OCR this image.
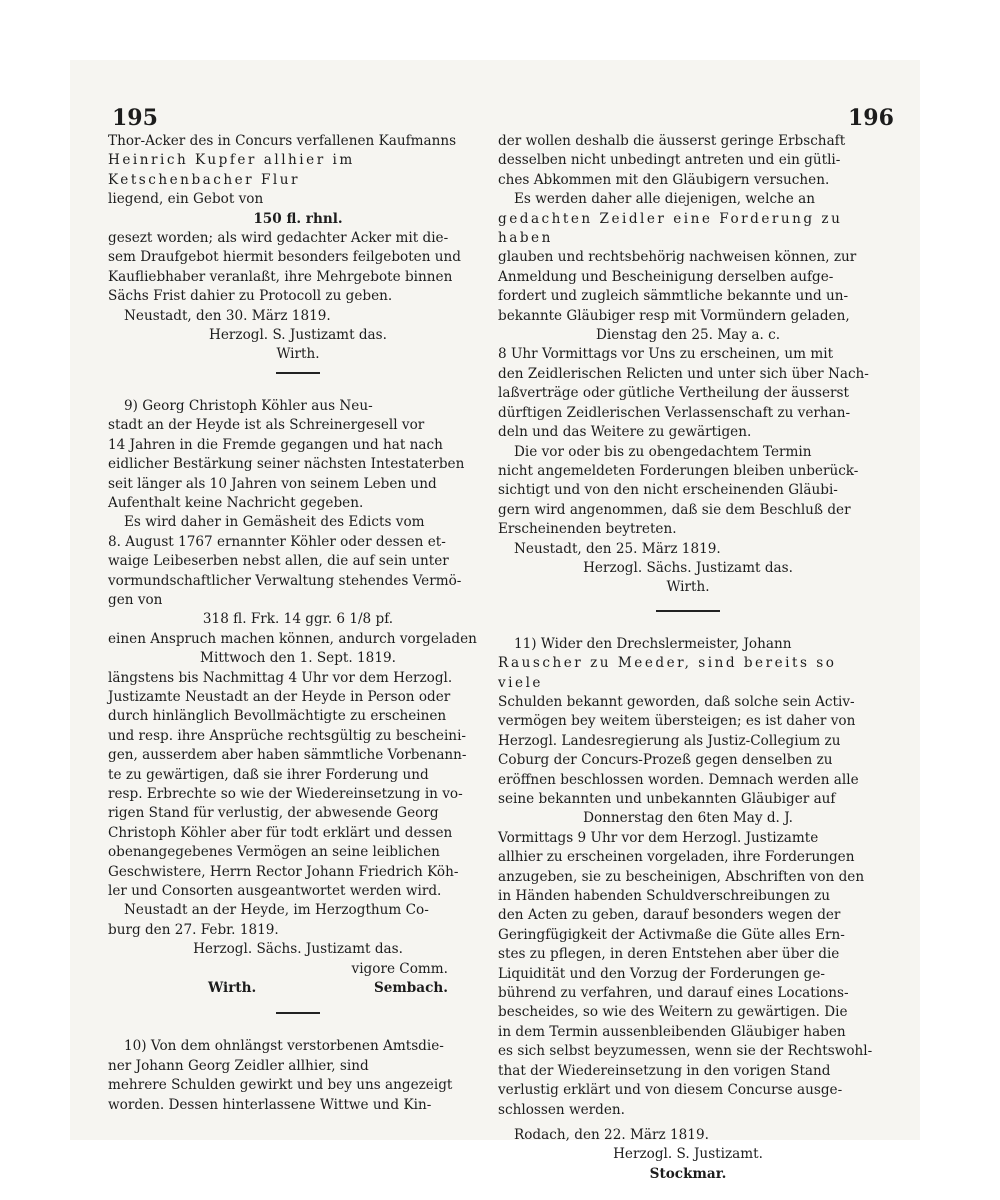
195	196

Thor-Acker des in Concurs verfallenen Kaufmanns

Heinrich Kupfer allhier im Ketschenbacher Flur

liegend, ein Gebot von

150 fl. rhnl.

gesezt worden; als wird gedachter Acker mit die-

sem Draufgebot hiermit besonders feilgeboten und

Kaufliebhaber veranlaßt, ihre Mehrgebote binnen

Sächs Frist dahier zu Protocoll zu geben.

Neustadt, den 30. März 1819.

Herzogl. S. Justizamt das.

Wirth.

9) Georg Christoph Köhler aus Neu-

stadt an der Heyde ist als Schreinergesell vor

14 Jahren in die Fremde gegangen und hat nach

eidlicher Bestärkung seiner nächsten Intestaterben

seit länger als 10 Jahren von seinem Leben und

Aufenthalt keine Nachricht gegeben.

Es wird daher in Gemäsheit des Edicts vom

8. August 1767 ernannter Köhler oder dessen et-

waige Leibeserben nebst allen, die auf sein unter

vormundschaftlicher Verwaltung stehendes Vermö-

gen von

318 fl. Frk. 14 ggr. 6 1/8 pf.

einen Anspruch machen können, andurch vorgeladen

Mittwoch den 1. Sept. 1819.

längstens bis Nachmittag 4 Uhr vor dem Herzogl.

Justizamte Neustadt an der Heyde in Person oder

durch hinlänglich Bevollmächtigte zu erscheinen

und resp. ihre Ansprüche rechtsgültig zu bescheini-

gen, ausserdem aber haben sämmtliche Vorbenann-

te zu gewärtigen, daß sie ihrer Forderung und

resp. Erbrechte so wie der Wiedereinsetzung in vo-

rigen Stand für verlustig, der abwesende Georg

Christoph Köhler aber für todt erklärt und dessen

obenangegebenes Vermögen an seine leiblichen

Geschwistere, Herrn Rector Johann Friedrich Köh-

ler und Consorten ausgeantwortet werden wird.

Neustadt an der Heyde, im Herzogthum Co-

burg den 27. Febr. 1819.

Herzogl. Sächs. Justizamt das.

vigore Comm.

Wirth.	Sembach.

10) Von dem ohnlängst verstorbenen Amtsdie-

ner Johann Georg Zeidler allhier, sind

mehrere Schulden gewirkt und bey uns angezeigt

worden. Dessen hinterlassene Wittwe und Kin-

der wollen deshalb die äusserst geringe Erbschaft

desselben nicht unbedingt antreten und ein gütli-

ches Abkommen mit den Gläubigern versuchen.

Es werden daher alle diejenigen, welche an

gedachten Zeidler eine Forderung zu haben

glauben und rechtsbehörig nachweisen können, zur

Anmeldung und Bescheinigung derselben aufge-

fordert und zugleich sämmtliche bekannte und un-

bekannte Gläubiger resp mit Vormündern geladen,

Dienstag den 25. May a. c.

8 Uhr Vormittags vor Uns zu erscheinen, um mit

den Zeidlerischen Relicten und unter sich über Nach-

laßverträge oder gütliche Vertheilung der äusserst

dürftigen Zeidlerischen Verlassenschaft zu verhan-

deln und das Weitere zu gewärtigen.

Die vor oder bis zu obengedachtem Termin

nicht angemeldeten Forderungen bleiben unberück-

sichtigt und von den nicht erscheinenden Gläubi-

gern wird angenommen, daß sie dem Beschluß der

Erscheinenden beytreten.

Neustadt, den 25. März 1819.

Herzogl. Sächs. Justizamt das.

Wirth.

11) Wider den Drechslermeister, Johann

Rauscher zu Meeder, sind bereits so viele

Schulden bekannt geworden, daß solche sein Activ-

vermögen bey weitem übersteigen; es ist daher von

Herzogl. Landesregierung als Justiz-Collegium zu

Coburg der Concurs-Prozeß gegen denselben zu

eröffnen beschlossen worden. Demnach werden alle

seine bekannten und unbekannten Gläubiger auf

Donnerstag den 6ten May d. J.

Vormittags 9 Uhr vor dem Herzogl. Justizamte

allhier zu erscheinen vorgeladen, ihre Forderungen

anzugeben, sie zu bescheinigen, Abschriften von den

in Händen habenden Schuldverschreibungen zu

den Acten zu geben, darauf besonders wegen der

Geringfügigkeit der Activmaße die Güte alles Ern-

stes zu pflegen, in deren Entstehen aber über die

Liquidität und den Vorzug der Forderungen ge-

bührend zu verfahren, und darauf eines Locations-

bescheides, so wie des Weitern zu gewärtigen. Die

in dem Termin aussenbleibenden Gläubiger haben

es sich selbst beyzumessen, wenn sie der Rechtswohl-

that der Wiedereinsetzung in den vorigen Stand

verlustig erklärt und von diesem Concurse ausge-

schlossen werden.

Rodach, den 22. März 1819.

Herzogl. S. Justizamt.

Stockmar.
